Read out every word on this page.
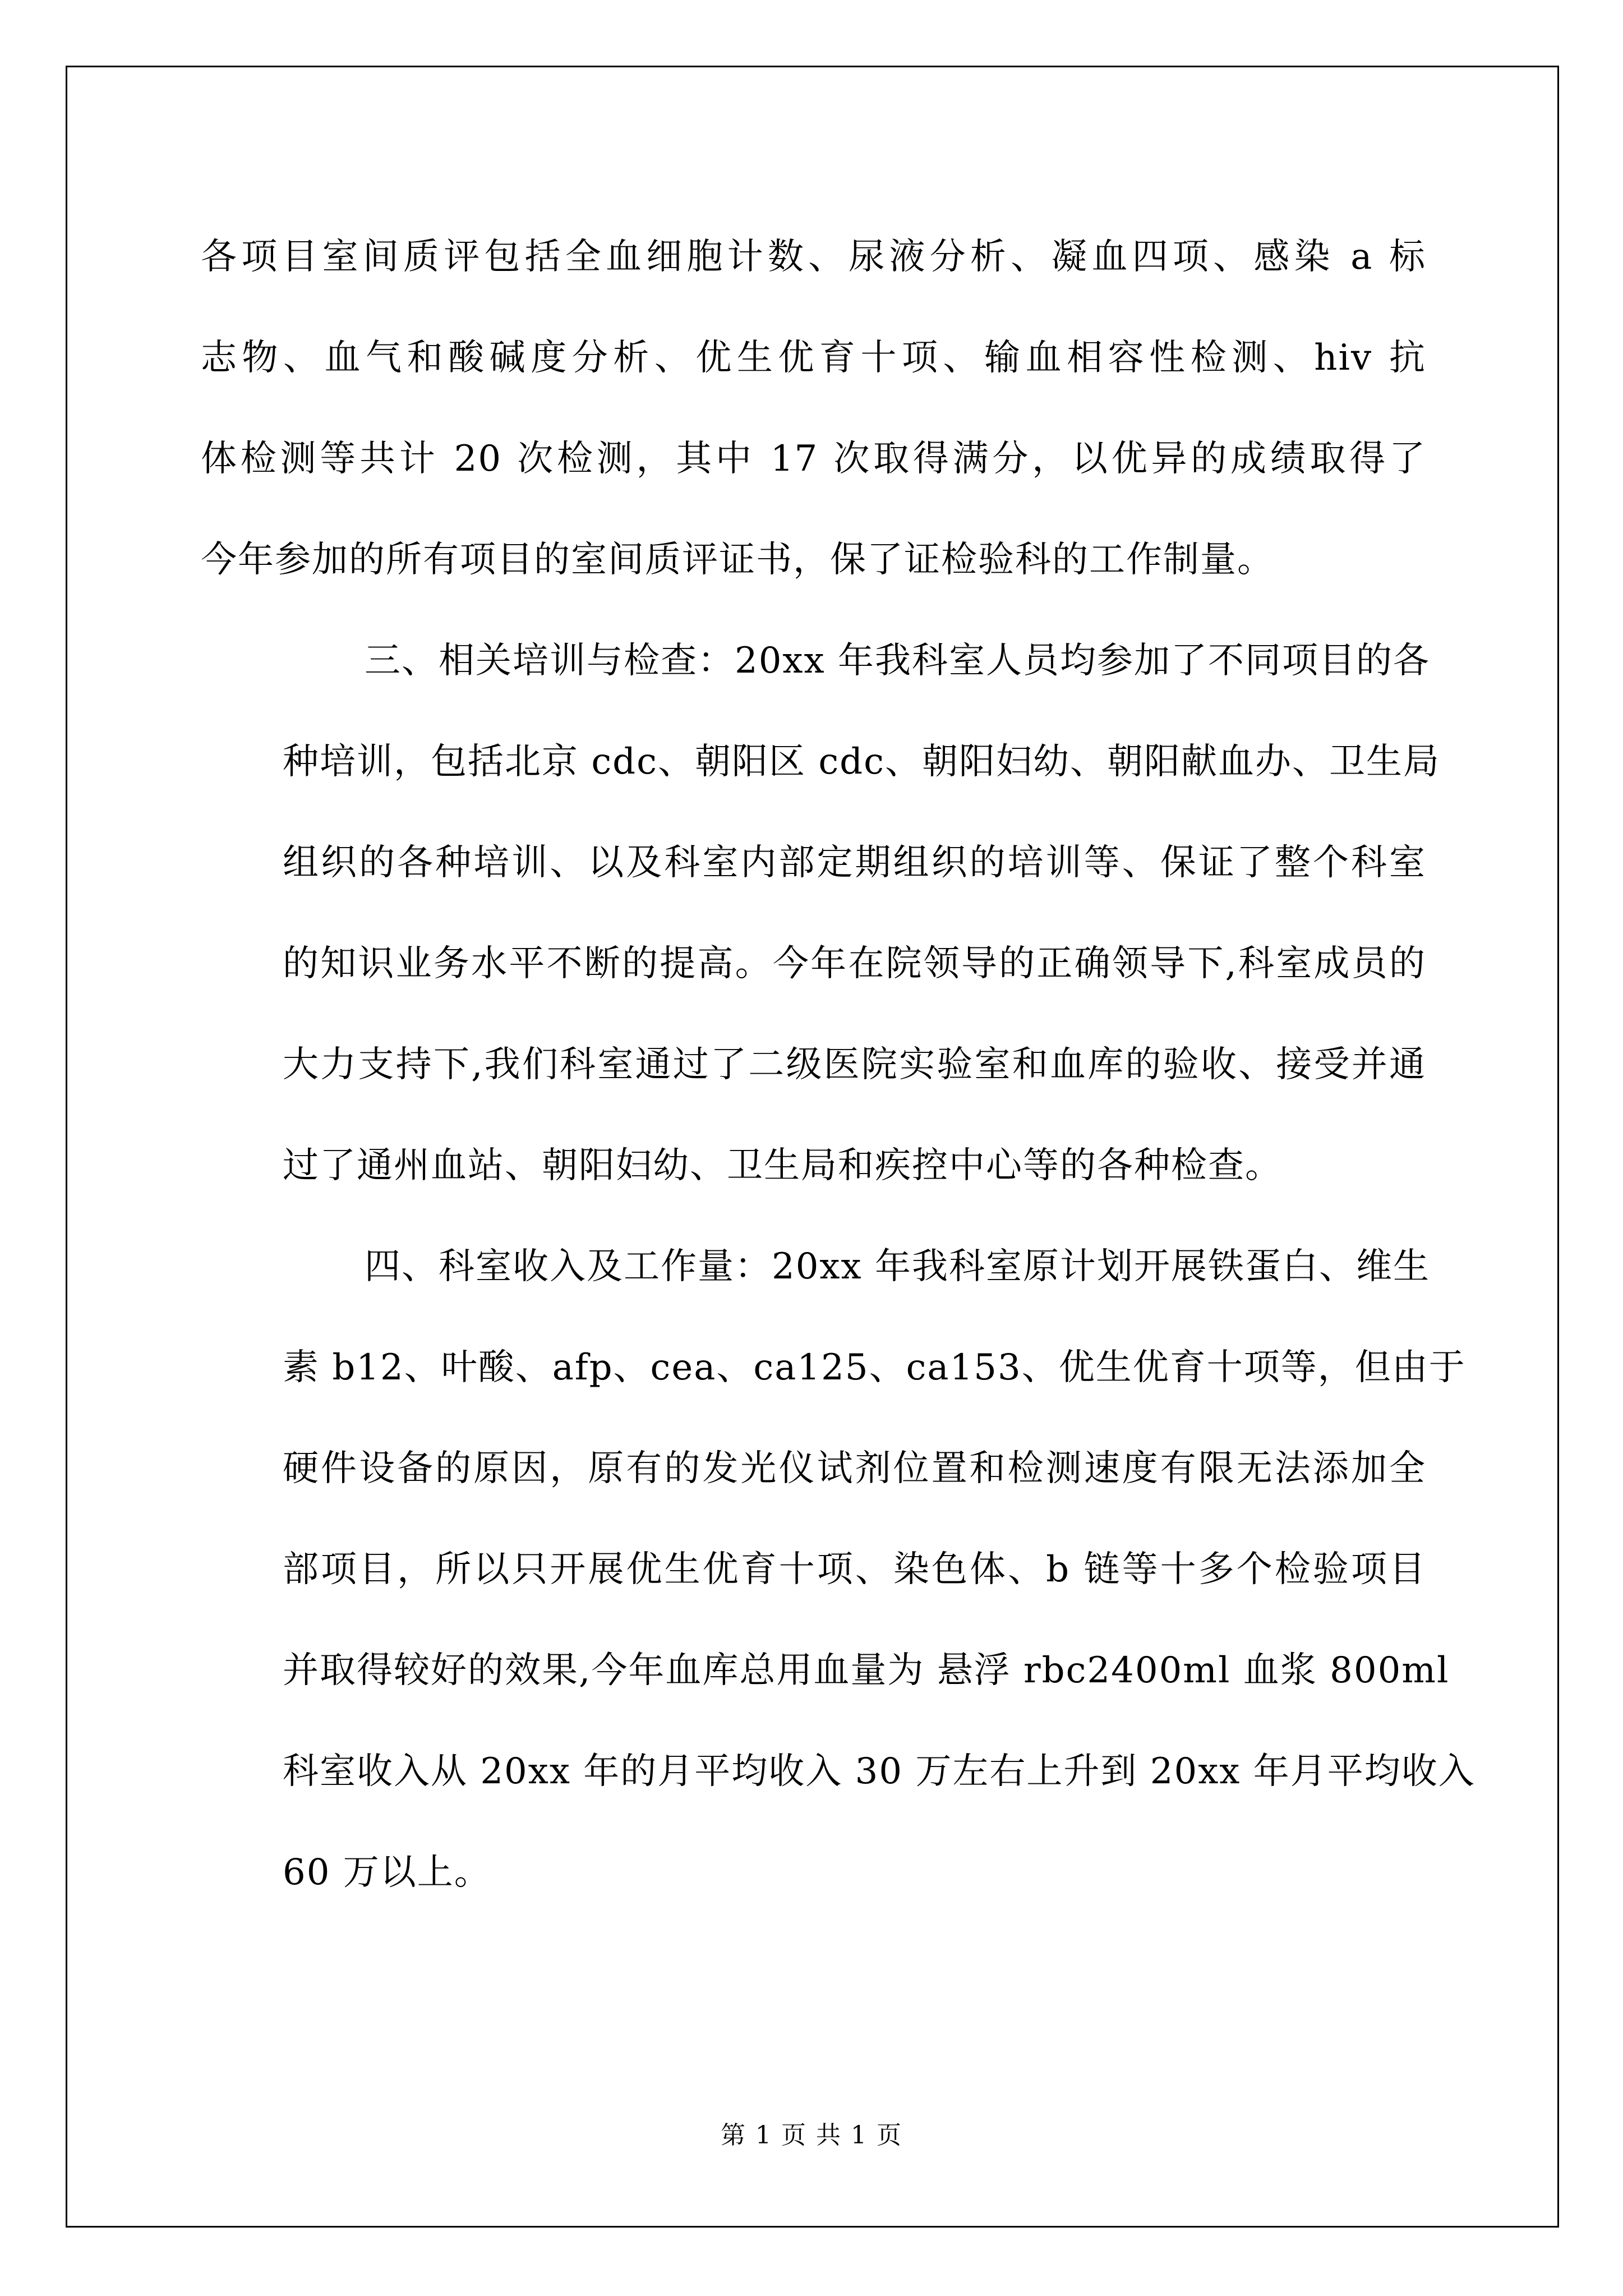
各项目室间质评包括全血细胞计数、尿液分析、凝血四项、感染 a 标
志物、血气和酸碱度分析、优生优育十项、输血相容性检测、hiv 抗
体检测等共计 20 次检测，其中 17 次取得满分，以优异的成绩取得了
今年参加的所有项目的室间质评证书，保了证检验科的工作制量。

三、相关培训与检查：20xx 年我科室人员均参加了不同项目的各
种培训，包括北京 cdc、朝阳区 cdc、朝阳妇幼、朝阳献血办、卫生局
组织的各种培训、以及科室内部定期组织的培训等、保证了整个科室
的知识业务水平不断的提高。今年在院领导的正确领导下,科室成员的
大力支持下,我们科室通过了二级医院实验室和血库的验收、接受并通
过了通州血站、朝阳妇幼、卫生局和疾控中心等的各种检查。

四、科室收入及工作量：20xx 年我科室原计划开展铁蛋白、维生
素 b12、叶酸、afp、cea、ca125、ca153、优生优育十项等，但由于
硬件设备的原因，原有的发光仪试剂位置和检测速度有限无法添加全
部项目，所以只开展优生优育十项、染色体、b 链等十多个检验项目
并取得较好的效果,今年血库总用血量为 悬浮 rbc2400ml 血浆 800ml
科室收入从 20xx 年的月平均收入 30 万左右上升到 20xx 年月平均收入
60 万以上。

第 1 页 共 1 页
